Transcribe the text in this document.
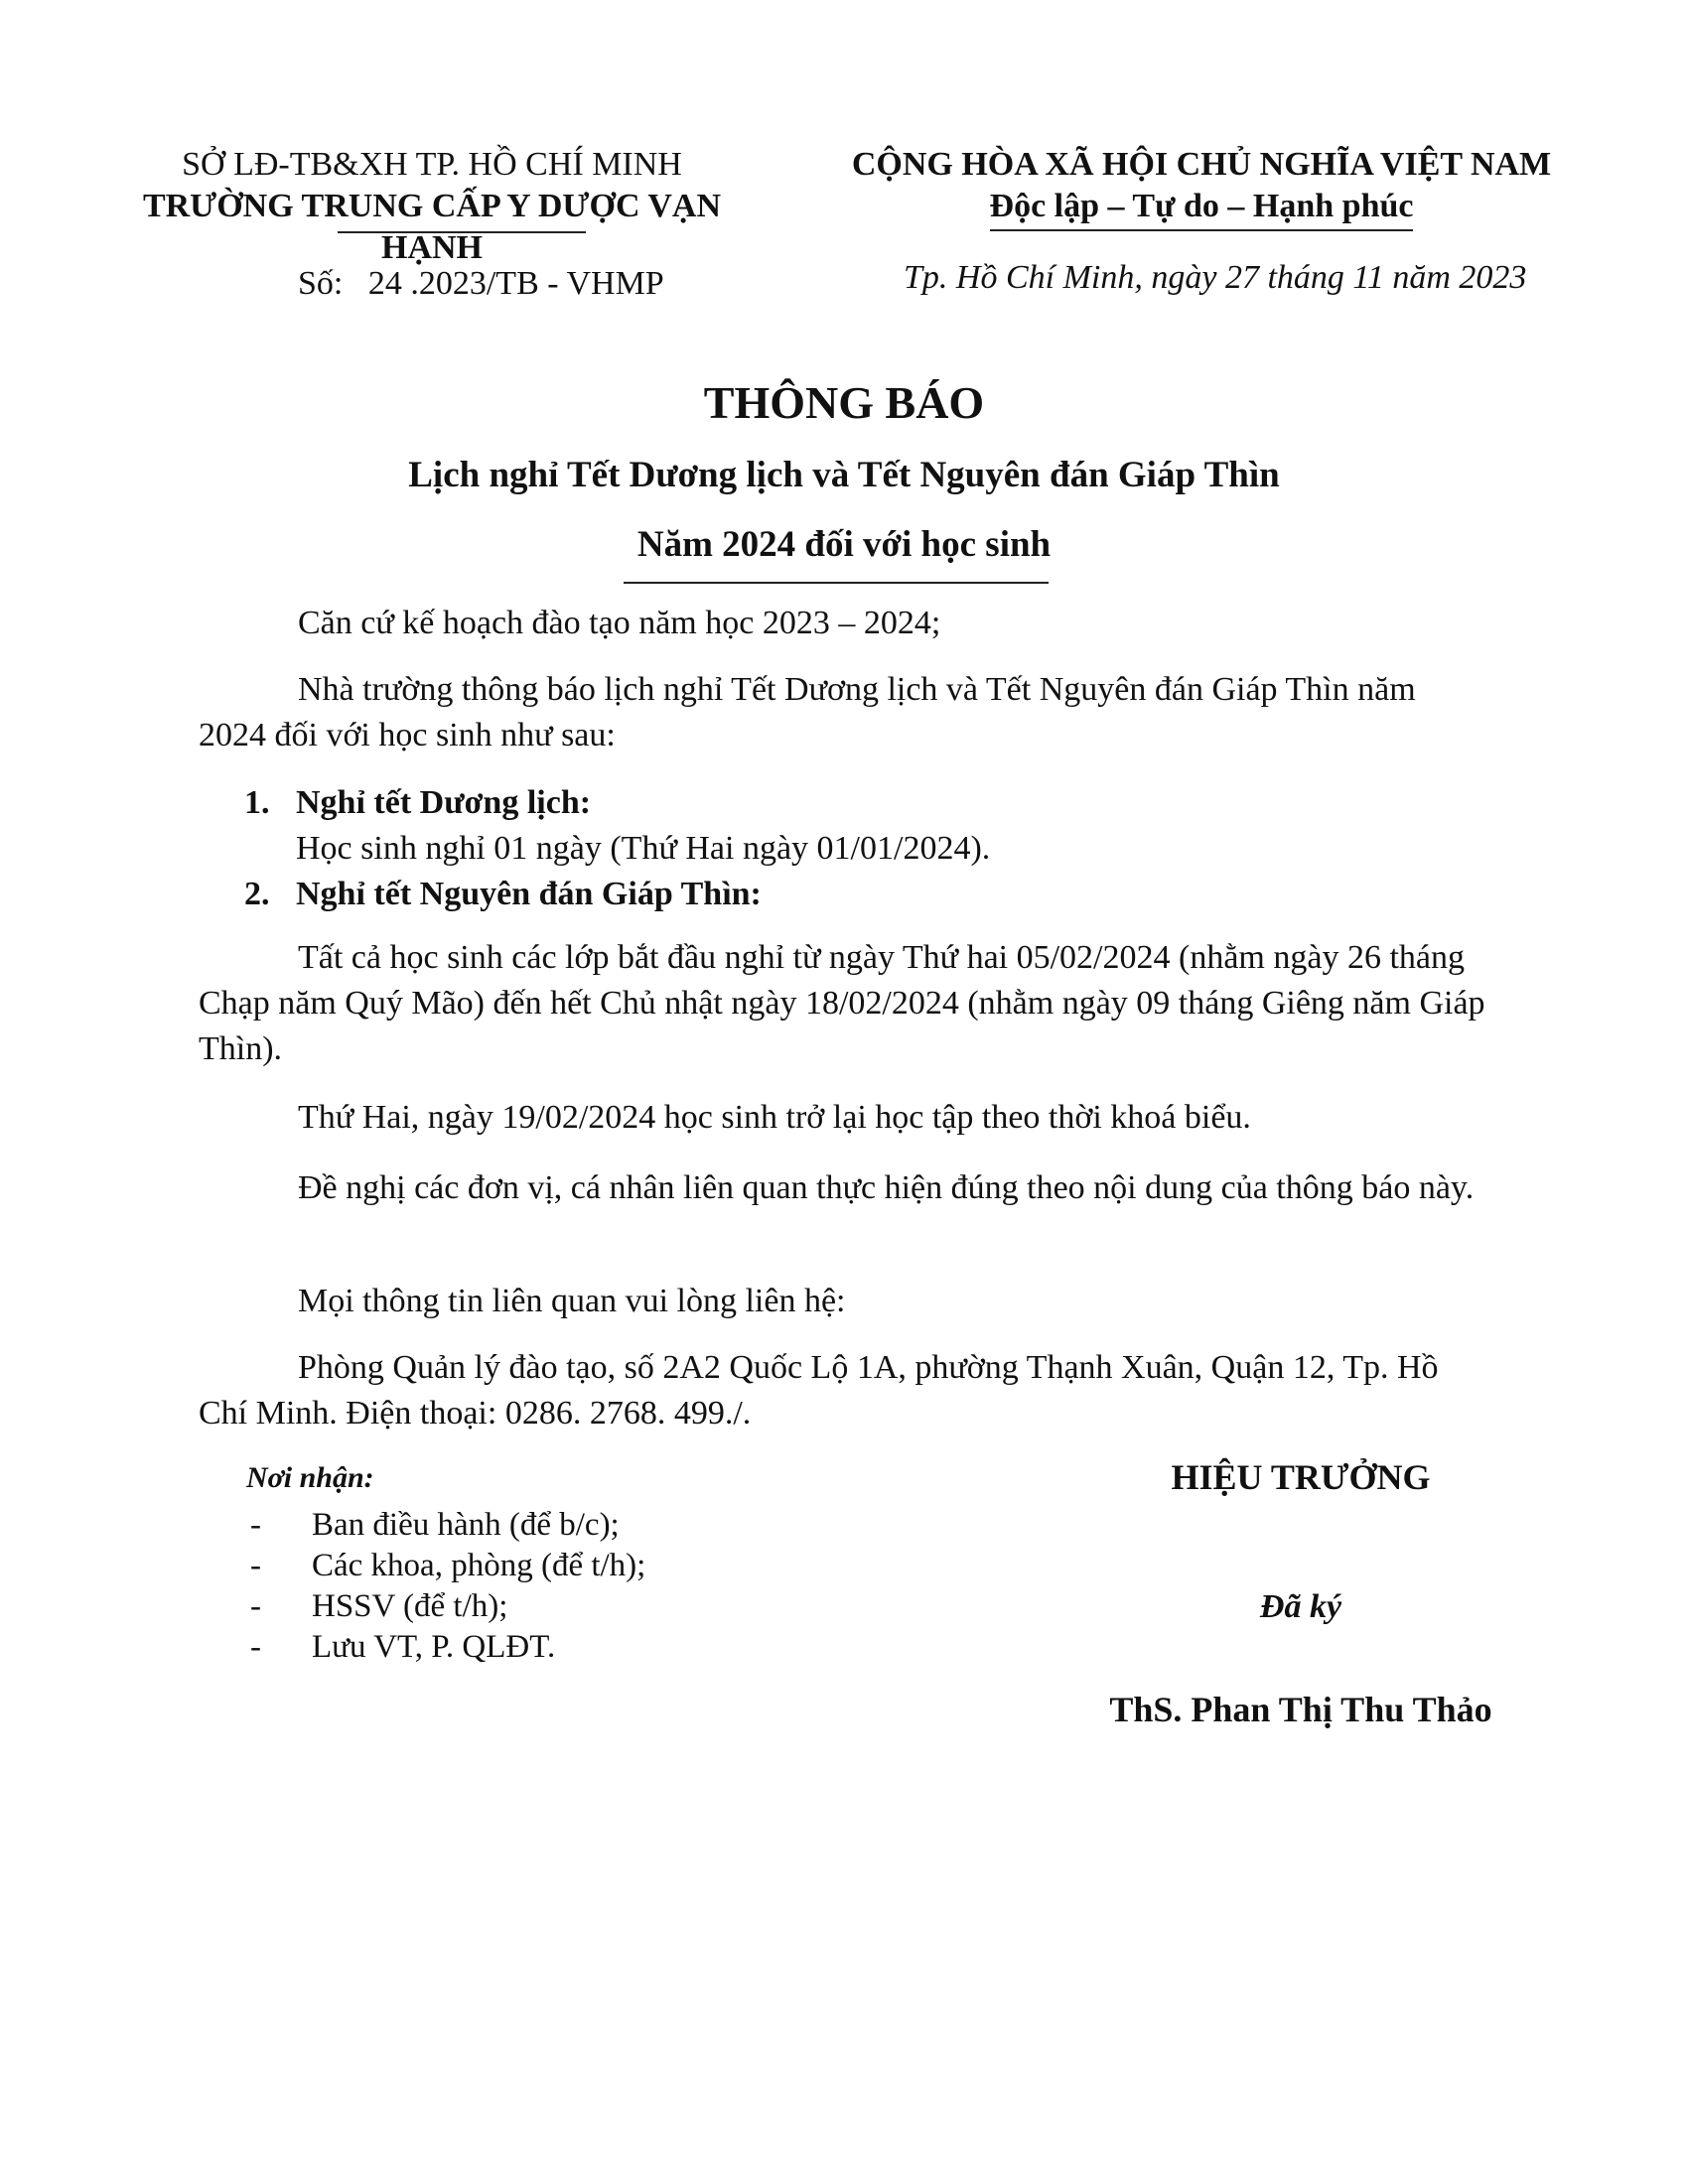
SỞ LĐ-TB&XH TP. HỒ CHÍ MINH
TRƯỜNG TRUNG CẤP Y DƯỢC VẠN HẠNH
CỘNG HÒA XÃ HỘI CHỦ NGHĨA VIỆT NAM
Độc lập – Tự do – Hạnh phúc
Số:   24 .2023/TB - VHMP	Tp. Hồ Chí Minh, ngày 27 tháng 11 năm 2023
THÔNG BÁO
Lịch nghỉ Tết Dương lịch và Tết Nguyên đán Giáp Thìn
Năm 2024 đối với học sinh
Căn cứ kế hoạch đào tạo năm học 2023 – 2024;
Nhà trường thông báo lịch nghỉ Tết Dương lịch và Tết Nguyên đán Giáp Thìn năm 2024 đối với học sinh như sau:
1. Nghỉ tết Dương lịch:
Học sinh nghỉ 01 ngày (Thứ Hai ngày 01/01/2024).
2. Nghỉ tết Nguyên đán Giáp Thìn:
Tất cả học sinh các lớp bắt đầu nghỉ từ ngày Thứ hai 05/02/2024 (nhằm ngày 26 tháng Chạp năm Quý Mão) đến hết Chủ nhật ngày 18/02/2024 (nhằm ngày 09 tháng Giêng năm Giáp Thìn).
Thứ Hai, ngày 19/02/2024 học sinh trở lại học tập theo thời khoá biểu.
Đề nghị các đơn vị, cá nhân liên quan thực hiện đúng theo nội dung của thông báo này.
Mọi thông tin liên quan vui lòng liên hệ:
Phòng Quản lý đào tạo, số 2A2 Quốc Lộ 1A, phường Thạnh Xuân, Quận 12, Tp. Hồ Chí Minh. Điện thoại: 0286. 2768. 499./.
Nơi nhận:
- Ban điều hành (để b/c);
- Các khoa, phòng (để t/h);
- HSSV (để t/h);
- Lưu VT, P. QLĐT.
HIỆU TRƯỞNG
Đã ký
ThS. Phan Thị Thu Thảo
